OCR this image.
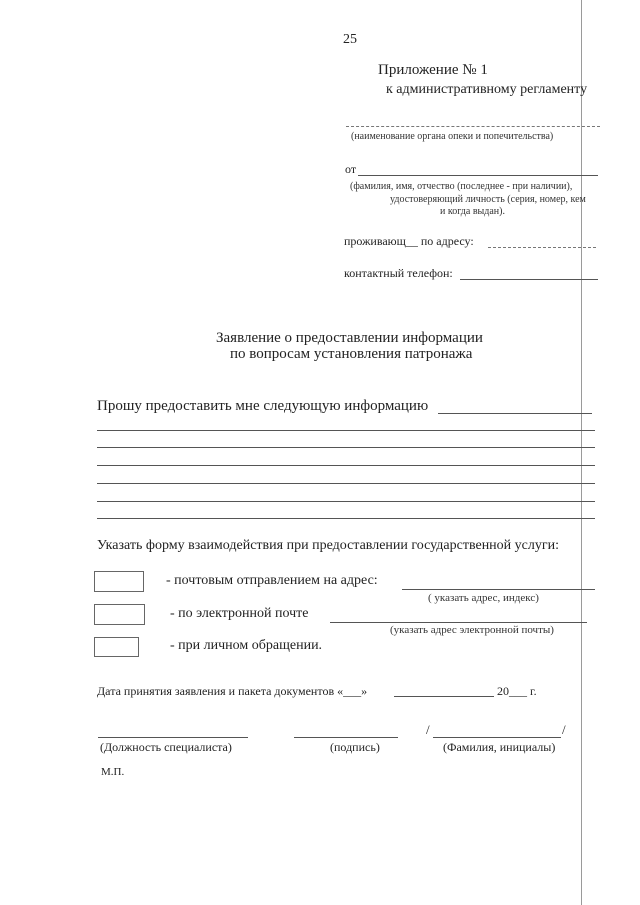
25
Приложение № 1
к административному регламенту
(наименование органа опеки и попечительства)
от
(фамилия, имя, отчество (последнее - при наличии),
удостоверяющий личность (серия, номер, кем
и когда выдан).
проживающ__ по адресу:
контактный телефон:
Заявление о предоставлении информации
по вопросам установления патронажа
Прошу предоставить мне следующую информацию
Указать форму взаимодействия при предоставлении государственной услуги:
- почтовым отправлением на адрес:
( указать адрес, индекс)
- по электронной почте
(указать адрес электронной почты)
- при личном обращении.
Дата принятия заявления и пакета документов «___»	20___ г.
/	/
(Должность специалиста)	(подпись)	(Фамилия, инициалы)
М.П.
